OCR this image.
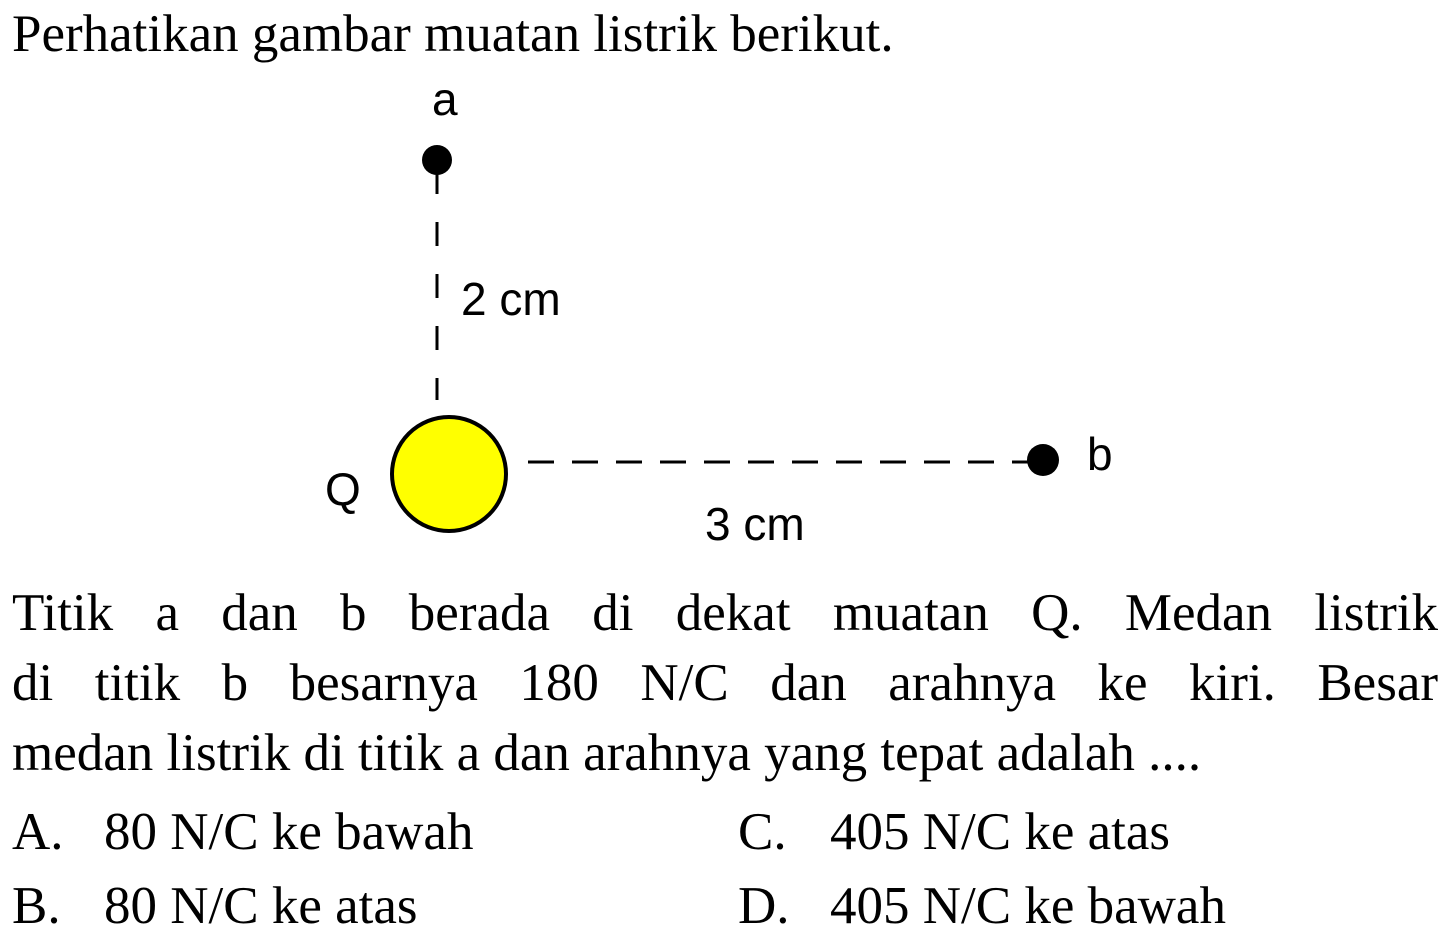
Perhatikan gambar muatan listrik berikut.

a
2 cm
Q
b
3 cm
Titik a dan b berada di dekat muatan Q. Medan listrik
di titik b besarnya 180 N/C dan arahnya ke kiri. Besar
medan listrik di titik a dan arahnya yang tepat adalah ....

A. 80 N/C ke bawah

B. 80 N/C ke atas

C. 405 N/C ke atas

D. 405 N/C ke bawah
